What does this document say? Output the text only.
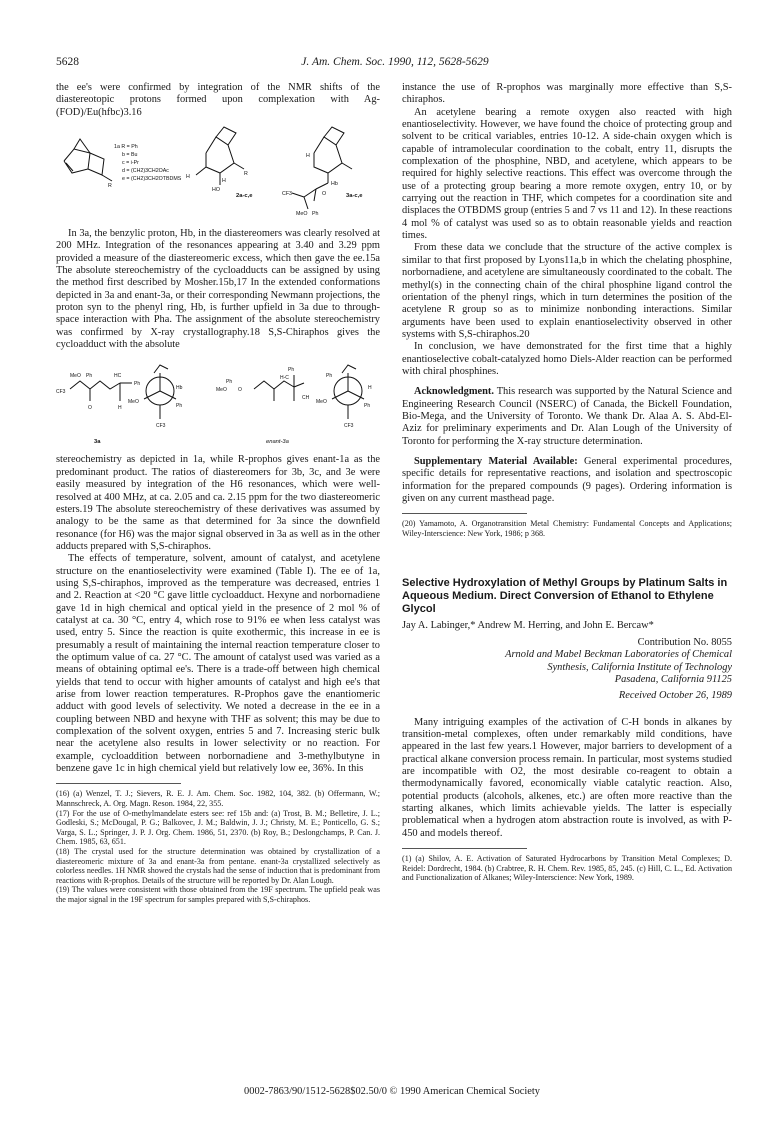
5628	J. Am. Chem. Soc. 1990, 112, 5628-5629

the ee's were confirmed by integration of the NMR shifts of the diastereotopic protons formed upon complexation with Ag-(FOD)/Eu(hfbc)3.16

1a R = Ph
b = Bu
c = i-Pr
d = (CH2)3CH2OAc
e = (CH2)3CH2OTBDMS
R
HO
H
H	R
CF3
MeO Ph
O
Hb
H
2a-c,e	3a-c,e

In 3a, the benzylic proton, Hb, in the diastereomers was clearly resolved at 200 MHz. Integration of the resonances appearing at 3.40 and 3.29 ppm provided a measure of the diastereomeric excess, which then gave the ee.15a The absolute stereochemistry of the cycloadducts can be assigned by using the method first described by Mosher.15b,17 In the extended conformations depicted in 3a and enant-3a, or their corresponding Newmann projections, the proton syn to the phenyl ring, Hb, is further upfield in 3a due to through-space interaction with Pha. The assignment of the absolute stereochemistry was confirmed by X-ray crystallography.18 S,S-Chiraphos gives the cycloadduct with the absolute

MeO Ph
CF3
O	H
HC
Ph
Hb
MeO
Ph
CF3
MeO
Ph
O
H-C
CH
Ph
Ph
H
MeO
CF3
Ph
3a	enant-3a

stereochemistry as depicted in 1a, while R-prophos gives enant-1a as the predominant product. The ratios of diastereomers for 3b, 3c, and 3e were easily measured by integration of the H6 resonances, which were well-resolved at 400 MHz, at ca. 2.05 and ca. 2.15 ppm for the two diastereomeric esters.19 The absolute stereochemistry of these derivatives was assumed by analogy to be the same as that determined for 3a since the downfield resonance (for H6) was the major signal observed in 3a as well as in the other adducts prepared with S,S-chiraphos.

The effects of temperature, solvent, amount of catalyst, and acetylene structure on the enantioselectivity were examined (Table I). The ee of 1a, using S,S-chiraphos, improved as the temperature was decreased, entries 1 and 2. Reaction at <20 °C gave little cycloadduct. Hexyne and norbornadiene gave 1d in high chemical and optical yield in the presence of 2 mol % of catalyst at ca. 30 °C, entry 4, which rose to 91% ee when less catalyst was used, entry 5. Since the reaction is quite exothermic, this increase in ee is presumably a result of maintaining the internal reaction temperature closer to the optimum value of ca. 27 °C. The amount of catalyst used was varied as a means of obtaining optimal ee's. There is a trade-off between high chemical yields that tend to occur with higher amounts of catalyst and high ee's that arise from lower reaction temperatures. R-Prophos gave the enantiomeric adduct with good levels of selectivity. We noted a decrease in the ee in a coupling between NBD and hexyne with THF as solvent; this may be due to complexation of the solvent oxygen, entries 5 and 7. Increasing steric bulk near the acetylene also results in lower selectivity or no reaction. For example, cycloaddition between norbornadiene and 3-methylbutyne in benzene gave 1c in high chemical yield but relatively low ee, 36%. In this

(16) (a) Wenzel, T. J.; Sievers, R. E. J. Am. Chem. Soc. 1982, 104, 382. (b) Offermann, W.; Mannschreck, A. Org. Magn. Reson. 1984, 22, 355.

(17) For the use of O-methylmandelate esters see: ref 15b and: (a) Trost, B. M.; Belletire, J. L.; Godleski, S.; McDougal, P. G.; Balkovec, J. M.; Baldwin, J. J.; Christy, M. E.; Ponticello, G. S.; Varga, S. L.; Springer, J. P. J. Org. Chem. 1986, 51, 2370. (b) Roy, B.; Deslongchamps, P. Can. J. Chem. 1985, 63, 651.

(18) The crystal used for the structure determination was obtained by crystallization of a diastereomeric mixture of 3a and enant-3a from pentane. enant-3a crystallized selectively as colorless needles. 1H NMR showed the crystals had the sense of induction that is predominant from reactions with R-prophos. Details of the structure will be reported by Dr. Alan Lough.

(19) The values were consistent with those obtained from the 19F spectrum. The upfield peak was the major signal in the 19F spectrum for samples prepared with S,S-chiraphos.

instance the use of R-prophos was marginally more effective than S,S-chiraphos.

An acetylene bearing a remote oxygen also reacted with high enantioselectivity. However, we have found the choice of protecting group and solvent to be critical variables, entries 10-12. A side-chain oxygen which is capable of intramolecular coordination to the cobalt, entry 11, disrupts the complexation of the phosphine, NBD, and acetylene, which appears to be required for highly selective reactions. This effect was overcome through the use of a protecting group bearing a more remote oxygen, entry 10, or by carrying out the reaction in THF, which competes for a coordination site and displaces the OTBDMS group (entries 5 and 7 vs 11 and 12). In these reactions 4 mol % of catalyst was used so as to obtain reasonable yields and reaction times.

From these data we conclude that the structure of the active complex is similar to that first proposed by Lyons11a,b in which the chelating phosphine, norbornadiene, and acetylene are simultaneously coordinated to the cobalt. The methyl(s) in the connecting chain of the chiral phosphine ligand control the orientation of the phenyl rings, which in turn determines the position of the acetylene R group so as to minimize nonbonding interactions. Similar arguments have been used to explain enantioselectivity observed in other systems with S,S-chiraphos.20

In conclusion, we have demonstrated for the first time that a highly enantioselective cobalt-catalyzed homo Diels-Alder reaction can be performed with chiral phosphines.

Acknowledgment. This research was supported by the Natural Science and Engineering Research Council (NSERC) of Canada, the Bickell Foundation, Bio-Mega, and the University of Toronto. We thank Dr. Alaa A. S. Abd-El-Aziz for preliminary experiments and Dr. Alan Lough of the University of Toronto for performing the X-ray structure determination.

Supplementary Material Available: General experimental procedures, specific details for representative reactions, and isolation and spectroscopic information for the prepared compounds (9 pages). Ordering information is given on any current masthead page.

(20) Yamamoto, A. Organotransition Metal Chemistry: Fundamental Concepts and Applications; Wiley-Interscience: New York, 1986; p 368.

Selective Hydroxylation of Methyl Groups by Platinum Salts in Aqueous Medium. Direct Conversion of Ethanol to Ethylene Glycol

Jay A. Labinger,* Andrew M. Herring, and John E. Bercaw*

Contribution No. 8055

Arnold and Mabel Beckman Laboratories of Chemical

Synthesis, California Institute of Technology

Pasadena, California 91125

Received October 26, 1989

Many intriguing examples of the activation of C-H bonds in alkanes by transition-metal complexes, often under remarkably mild conditions, have appeared in the last few years.1 However, major barriers to development of a practical alkane conversion process remain. In particular, most systems studied are incompatible with O2, the most desirable co-reagent to obtain a thermodynamically favored, economically viable catalytic reaction. Also, potential products (alcohols, alkenes, etc.) are often more reactive than the starting alkanes, which limits achievable yields. The latter is especially problematical when a hydrogen atom abstraction route is involved, as with P-450 and models thereof.

(1) (a) Shilov, A. E. Activation of Saturated Hydrocarbons by Transition Metal Complexes; D. Reidel: Dordrecht, 1984. (b) Crabtree, R. H. Chem. Rev. 1985, 85, 245. (c) Hill, C. L., Ed. Activation and Functionalization of Alkanes; Wiley-Interscience: New York, 1989.

0002-7863/90/1512-5628$02.50/0 © 1990 American Chemical Society
